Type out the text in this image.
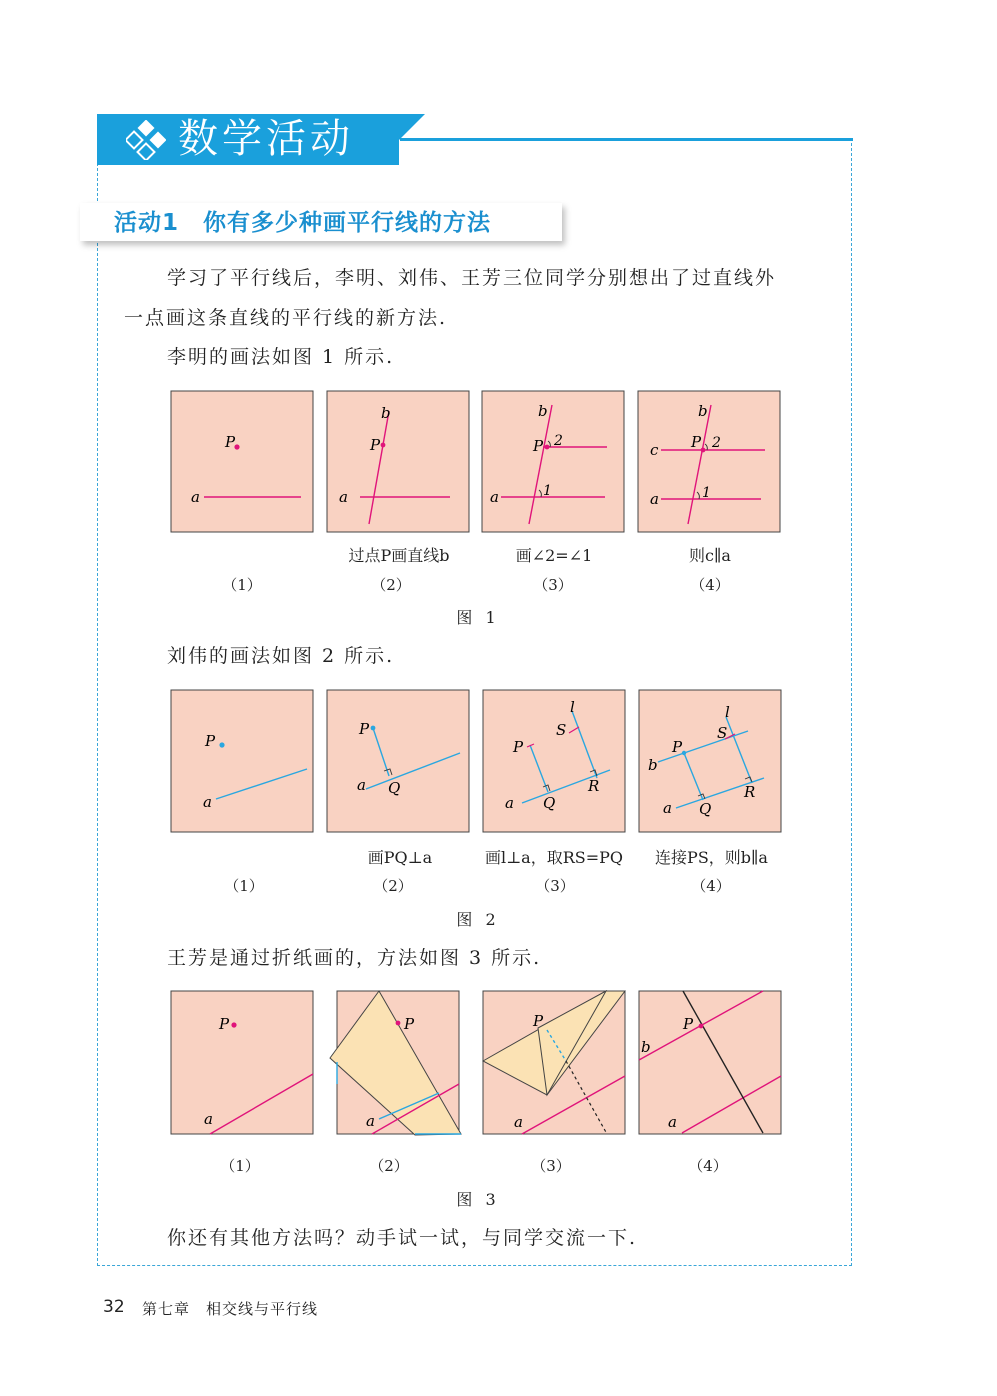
数学活动
活动1　你有多少种画平行线的方法
学习了平行线后，李明、刘伟、王芳三位同学分别想出了过直线外
一点画这条直线的平行线的新方法.
李明的画法如图 1 所示.
P
a
P
b
a
P 2
1
b
a
P 2
1
b
c
a
过点P画直线b	画∠2=∠1	则c∥a
（1）	（2）	（3）	（4）
图 1
刘伟的画法如图 2 所示.
P
a
P
a Q
P
S
l
a Q
R
P
S
l
b
a Q
R
画PQ⊥a	画l⊥a，取RS=PQ	连接PS，则b∥a
（1）	（2）	（3）	（4）
图 2
王芳是通过折纸画的，方法如图 3 所示.
P
a
P
a
P
a
P
b
a
（1）	（2）	（3）	（4）
图 3
你还有其他方法吗？动手试一试，与同学交流一下.
32 第七章　相交线与平行线
